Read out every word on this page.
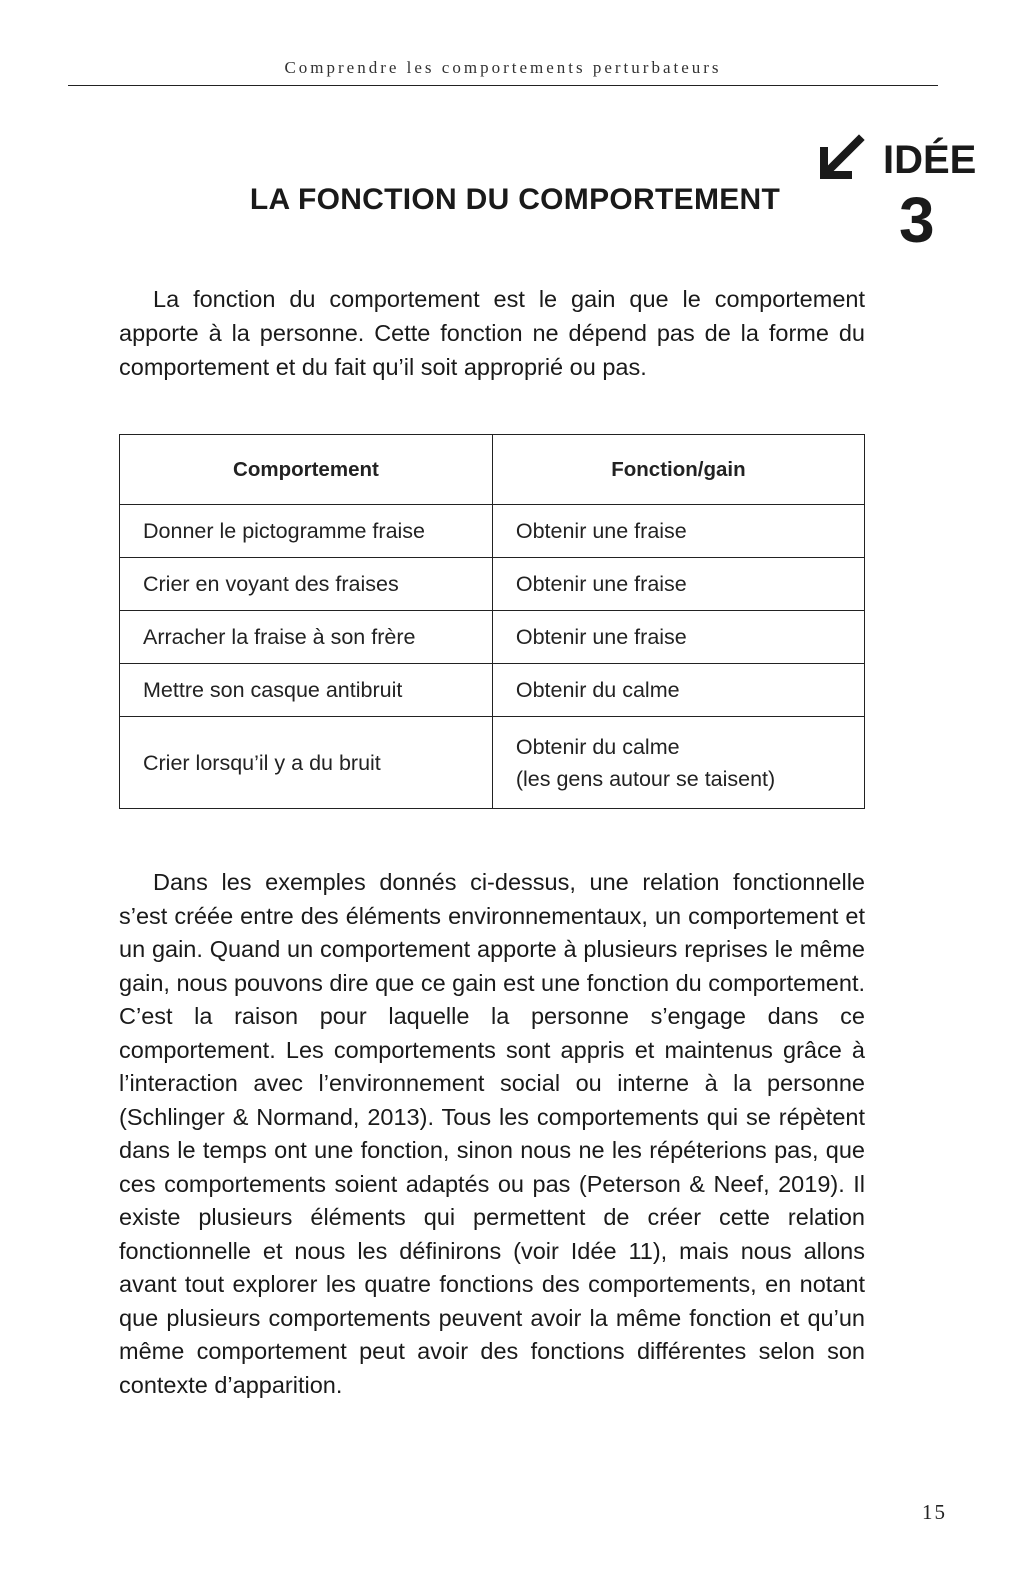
Comprendre les comportements perturbateurs
LA FONCTION DU COMPORTEMENT
IDÉE
3

La fonction du comportement est le gain que le comportement apporte à la personne. Cette fonction ne dépend pas de la forme du comportement et du fait qu’il soit approprié ou pas.

Comportement	Fonction/gain
Donner le pictogramme fraise	Obtenir une fraise
Crier en voyant des fraises	Obtenir une fraise
Arracher la fraise à son frère	Obtenir une fraise
Mettre son casque antibruit	Obtenir du calme
Crier lorsqu’il y a du bruit	Obtenir du calme
(les gens autour se taisent)

Dans les exemples donnés ci-dessus, une relation fonctionnelle s’est créée entre des éléments environnementaux, un comportement et un gain. Quand un comportement apporte à plusieurs reprises le même gain, nous pouvons dire que ce gain est une fonction du comportement. C’est la raison pour laquelle la personne s’engage dans ce comportement. Les comportements sont appris et maintenus grâce à l’interaction avec l’environnement social ou interne à la personne (Schlinger & Normand, 2013). Tous les comportements qui se répètent dans le temps ont une fonction, sinon nous ne les répéterions pas, que ces comportements soient adaptés ou pas (Peterson & Neef, 2019). Il existe plusieurs éléments qui permettent de créer cette relation fonctionnelle et nous les définirons (voir Idée 11), mais nous allons avant tout explorer les quatre fonctions des comportements, en notant que plusieurs comportements peuvent avoir la même fonction et qu’un même comportement peut avoir des fonctions différentes selon son contexte d’apparition.

15
